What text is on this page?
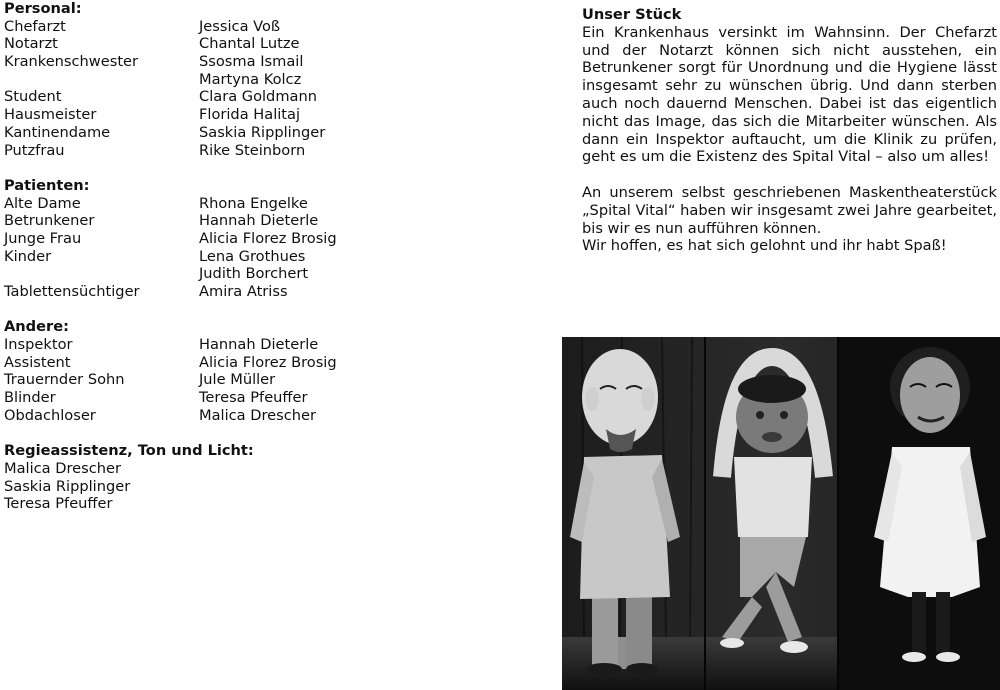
Personal:
Chefarzt	Jessica Voß
Notarzt	Chantal Lutze
Krankenschwester	Ssosma Ismail
Martyna Kolcz
Student	Clara Goldmann
Hausmeister	Florida Halitaj
Kantinendame	Saskia Ripplinger
Putzfrau	Rike Steinborn
Patienten:
Alte Dame	Rhona Engelke
Betrunkener	Hannah Dieterle
Junge Frau	Alicia Florez Brosig
Kinder	Lena Grothues
Judith Borchert
Tablettensüchtiger	Amira Atriss
Andere:
Inspektor	Hannah Dieterle
Assistent	Alicia Florez Brosig
Trauernder Sohn	Jule Müller
Blinder	Teresa Pfeuffer
Obdachloser	Malica Drescher
Regieassistenz, Ton und Licht:
Malica Drescher
Saskia Ripplinger
Teresa Pfeuffer
Unser Stück

Ein Krankenhaus versinkt im Wahnsinn. Der Chefarzt und der Notarzt können sich nicht ausstehen, ein Betrunkener sorgt für Unordnung und die Hygiene lässt insgesamt sehr zu wünschen übrig. Und dann sterben auch noch dauernd Menschen. Dabei ist das eigentlich nicht das Image, das sich die Mitarbeiter wünschen. Als dann ein Inspektor auftaucht, um die Klinik zu prüfen, geht es um die Existenz des Spital Vital – also um alles!

An unserem selbst geschriebenen Maskentheaterstück „Spital Vital“ haben wir insgesamt zwei Jahre gearbeitet, bis wir es nun aufführen können.

Wir hoffen, es hat sich gelohnt und ihr habt Spaß!
